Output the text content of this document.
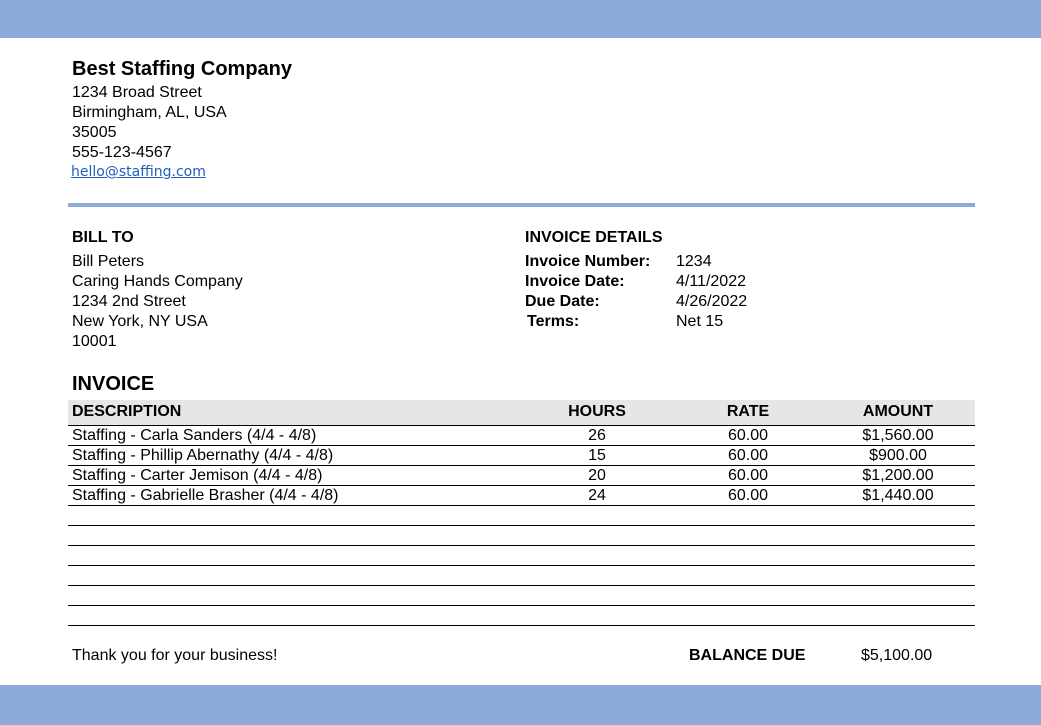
Best Staffing Company
1234 Broad Street
Birmingham, AL, USA
35005
555-123-4567
hello@staffing.com
BILL TO
Bill Peters
Caring Hands Company
1234 2nd Street
New York, NY USA
10001
INVOICE DETAILS
Invoice Number: 1234
Invoice Date:	4/11/2022
Due Date:	4/26/2022
Terms:	Net 15
INVOICE
DESCRIPTION	HOURS	RATE	AMOUNT
Staffing - Carla Sanders (4/4 - 4/8)	26	60.00	$1,560.00
Staffing - Phillip Abernathy (4/4 - 4/8)	15	60.00	$900.00
Staffing - Carter Jemison (4/4 - 4/8)	20	60.00	$1,200.00
Staffing - Gabrielle Brasher (4/4 - 4/8)	24	60.00	$1,440.00
Thank you for your business!	BALANCE DUE	$5,100.00
